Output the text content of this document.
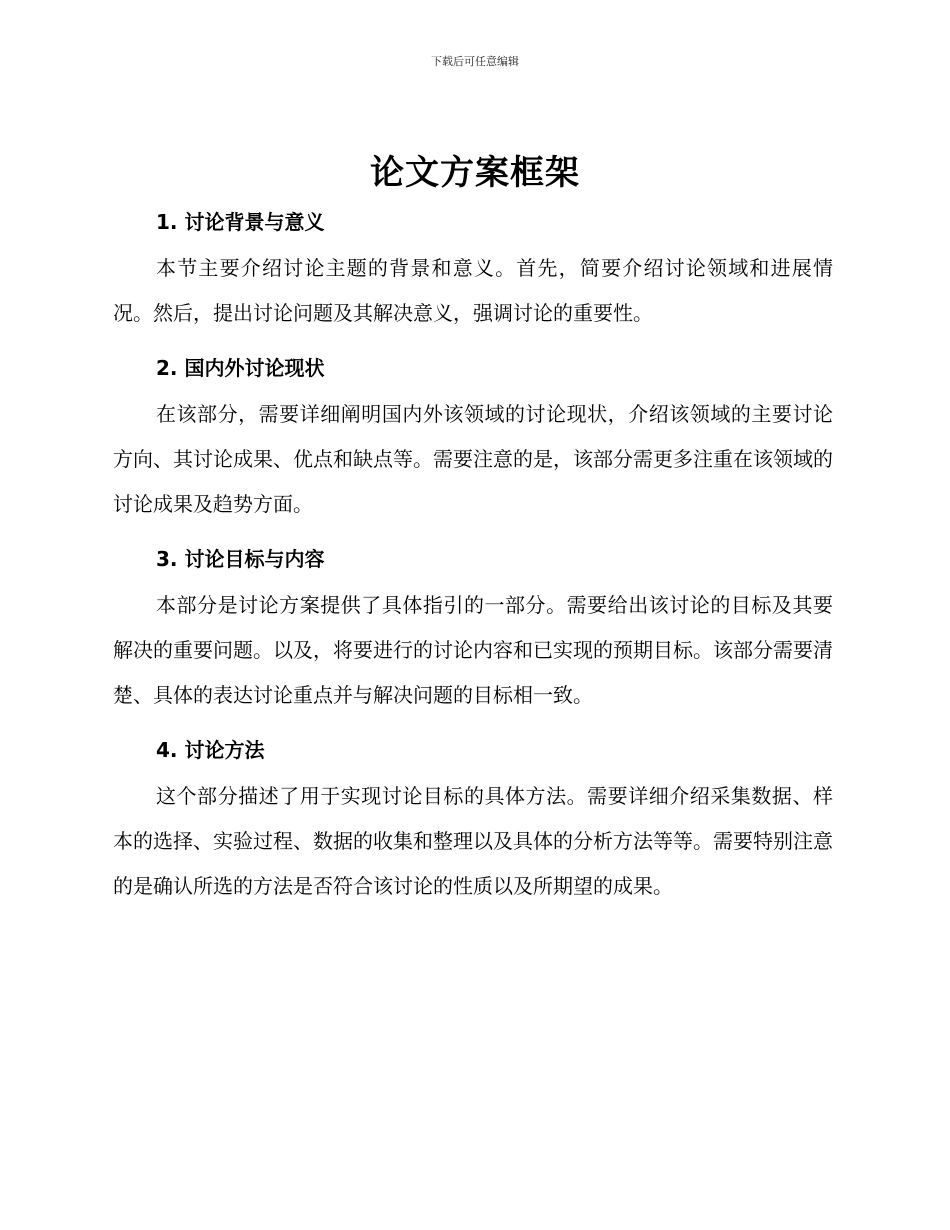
下载后可任意编辑
论文方案框架
1. 讨论背景与意义

本节主要介绍讨论主题的背景和意义。首先，简要介绍讨论领域和进展情况。然后，提出讨论问题及其解决意义，强调讨论的重要性。

2. 国内外讨论现状

在该部分，需要详细阐明国内外该领域的讨论现状，介绍该领域的主要讨论方向、其讨论成果、优点和缺点等。需要注意的是，该部分需更多注重在该领域的讨论成果及趋势方面。

3. 讨论目标与内容

本部分是讨论方案提供了具体指引的一部分。需要给出该讨论的目标及其要解决的重要问题。以及，将要进行的讨论内容和已实现的预期目标。该部分需要清楚、具体的表达讨论重点并与解决问题的目标相一致。

4. 讨论方法

这个部分描述了用于实现讨论目标的具体方法。需要详细介绍采集数据、样本的选择、实验过程、数据的收集和整理以及具体的分析方法等等。需要特别注意的是确认所选的方法是否符合该讨论的性质以及所期望的成果。
